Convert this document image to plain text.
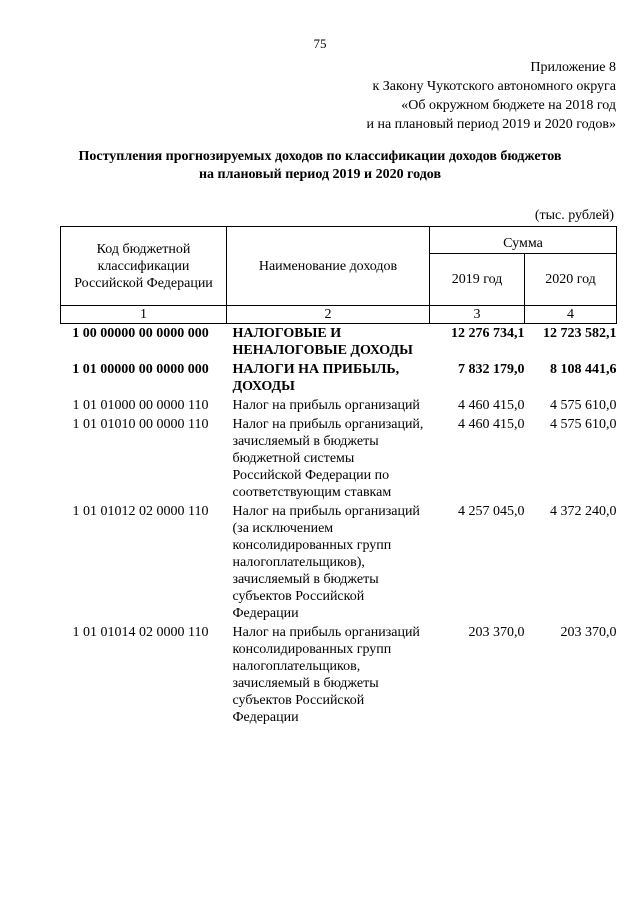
75
Приложение 8
к Закону Чукотского автономного округа
«Об окружном бюджете на 2018 год
и на плановый период 2019 и 2020 годов»
Поступления прогнозируемых доходов по классификации доходов бюджетов
на плановый период 2019 и 2020 годов
(тыс. рублей)
Код бюджетной классификации Российской Федерации	Наименование доходов	Сумма	
		2019 год	2020 год
1	2	3	4
1 00 00000 00 0000 000	НАЛОГОВЫЕ И НЕНАЛОГОВЫЕ ДОХОДЫ	12 276 734,1	12 723 582,1
1 01 00000 00 0000 000	НАЛОГИ НА ПРИБЫЛЬ, ДОХОДЫ	7 832 179,0	8 108 441,6
1 01 01000 00 0000 110	Налог на прибыль организаций	4 460 415,0	4 575 610,0
1 01 01010 00 0000 110	Налог на прибыль организаций, зачисляемый в бюджеты бюджетной системы Российской Федерации по соответствующим ставкам	4 460 415,0	4 575 610,0
1 01 01012 02 0000 110	Налог на прибыль организаций (за исключением консолидированных групп налогоплательщиков), зачисляемый в бюджеты субъектов Российской Федерации	4 257 045,0	4 372 240,0
1 01 01014 02 0000 110	Налог на прибыль организаций консолидированных групп налогоплательщиков, зачисляемый в бюджеты субъектов Российской Федерации	203 370,0	203 370,0
